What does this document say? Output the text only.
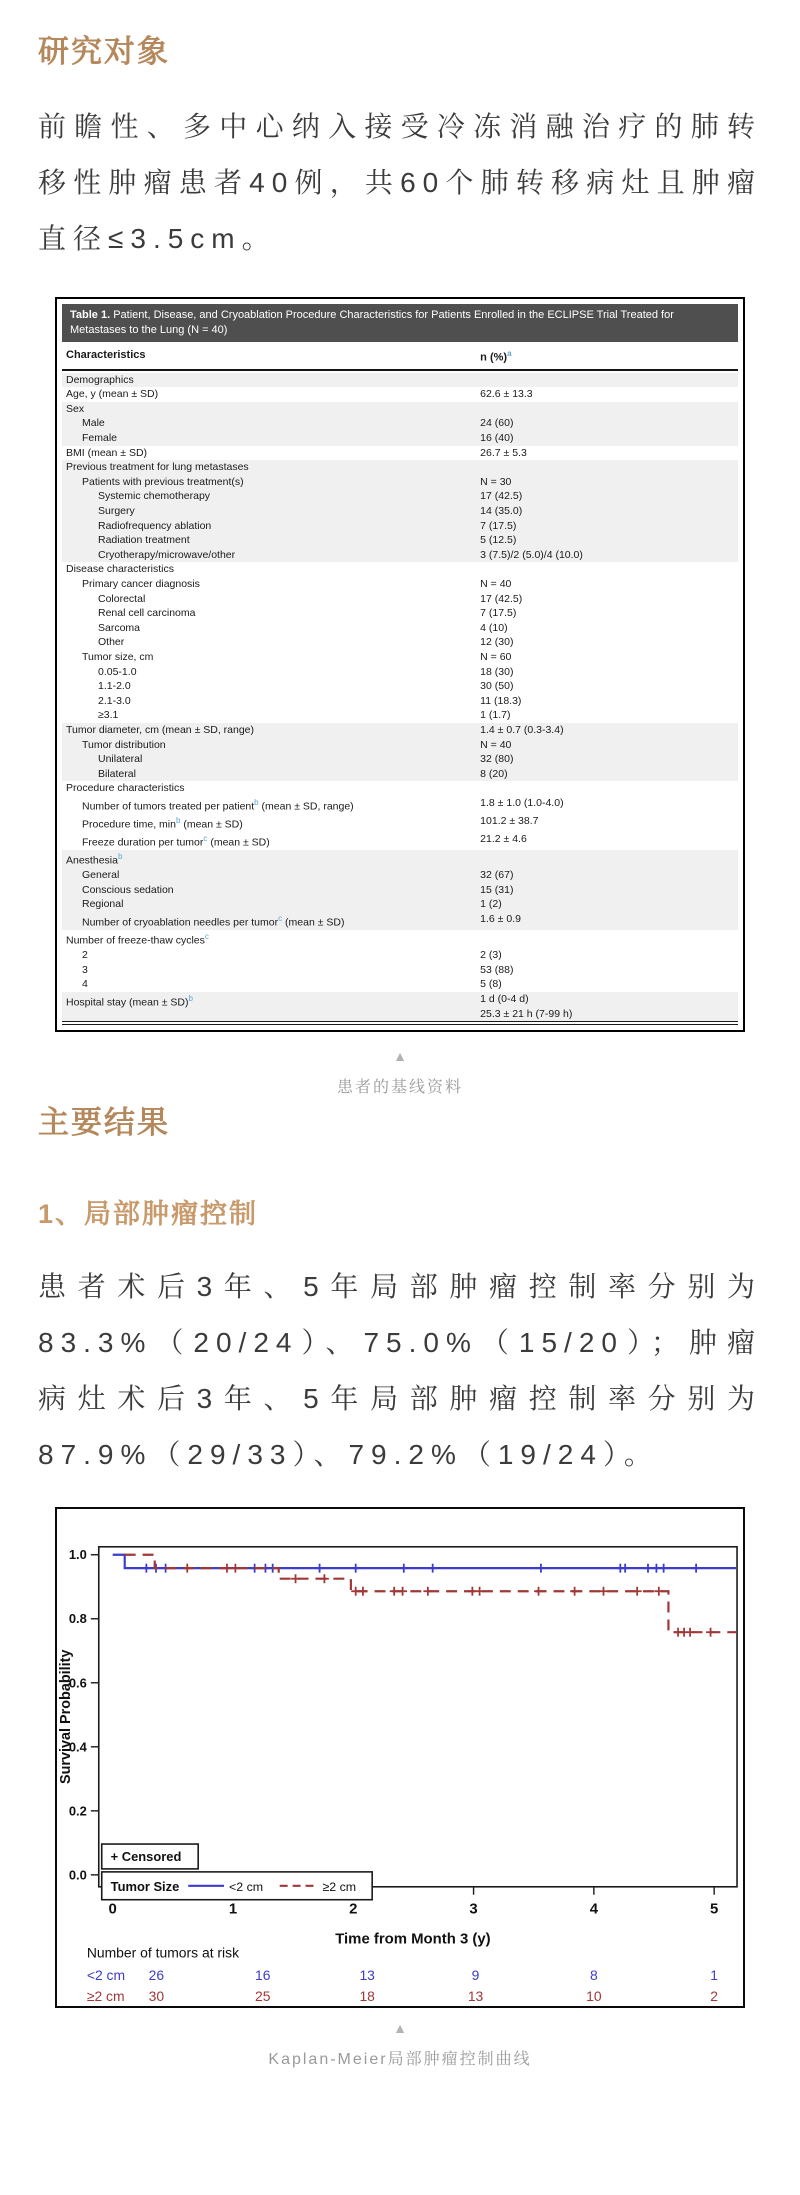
研究对象

前瞻性、多中心纳入接受冷冻消融治疗的肺转移性肿瘤患者40例，共60个肺转移病灶且肿瘤直径≤3.5cm。

Table 1. Patient, Disease, and Cryoablation Procedure Characteristics for Patients Enrolled in the ECLIPSE Trial Treated for Metastases to the Lung (N = 40)
Characteristics	n (%)$^a$
Demographics
Age, y (mean ± SD)	62.6 ± 13.3
Sex
Male	24 (60)
Female	16 (40)
BMI (mean ± SD)	26.7 ± 5.3
Previous treatment for lung metastases
Patients with previous treatment(s)	N = 30
Systemic chemotherapy	17 (42.5)
Surgery	14 (35.0)
Radiofrequency ablation	7 (17.5)
Radiation treatment	5 (12.5)
Cryotherapy/microwave/other	3 (7.5)/2 (5.0)/4 (10.0)
Disease characteristics
Primary cancer diagnosis	N = 40
Colorectal	17 (42.5)
Renal cell carcinoma	7 (17.5)
Sarcoma	4 (10)
Other	12 (30)
Tumor size, cm	N = 60
0.05-1.0	18 (30)
1.1-2.0	30 (50)
2.1-3.0	11 (18.3)
≥3.1	1 (1.7)
Tumor diameter, cm (mean ± SD, range)	1.4 ± 0.7 (0.3-3.4)
Tumor distribution	N = 40
Unilateral	32 (80)
Bilateral	8 (20)
Procedure characteristics
Number of tumors treated per patient$^b$ (mean ± SD, range)	1.8 ± 1.0 (1.0-4.0)
Procedure time, $\min^b$ (mean ± SD)	101.2 ± 38.7
Freeze duration per tumor$^c$ (mean ± SD)	21.2 ± 4.6
Anesthesia$^b$
General	32 (67)
Conscious sedation	15 (31)
Regional	1 (2)
Number of cryoablation needles per tumor$^c$ (mean ± SD)	1.6 ± 0.9
Number of freeze-thaw cycles$^c$
2	2 (3)
3	53 (88)
4	5 (8)
Hospital stay (mean ± SD)$^b$	1 d (0-4 d)
25.3 ± 21 h (7-99 h)
▲
患者的基线资料
主要结果
1、局部肿瘤控制

患者术后3年、5年局部肿瘤控制率分别为83.3%（20/24）、75.0%（15/20）；肿瘤病灶术后3年、5年局部肿瘤控制率分别为87.9%（29/33）、79.2%（19/24）。

1.0
0.8
0.6
0.4
0.2
0.0
0	1	2	3	4	5
Survival Probability
Time from Month 3 (y)
+ Censored
Tumor Size	<2 cm	≥2 cm
Number of tumors at risk
<2 cm 26	16	13	9	8	1
≥2 cm 30	25	18	13	10	2
▲
Kaplan-Meier局部肿瘤控制曲线
